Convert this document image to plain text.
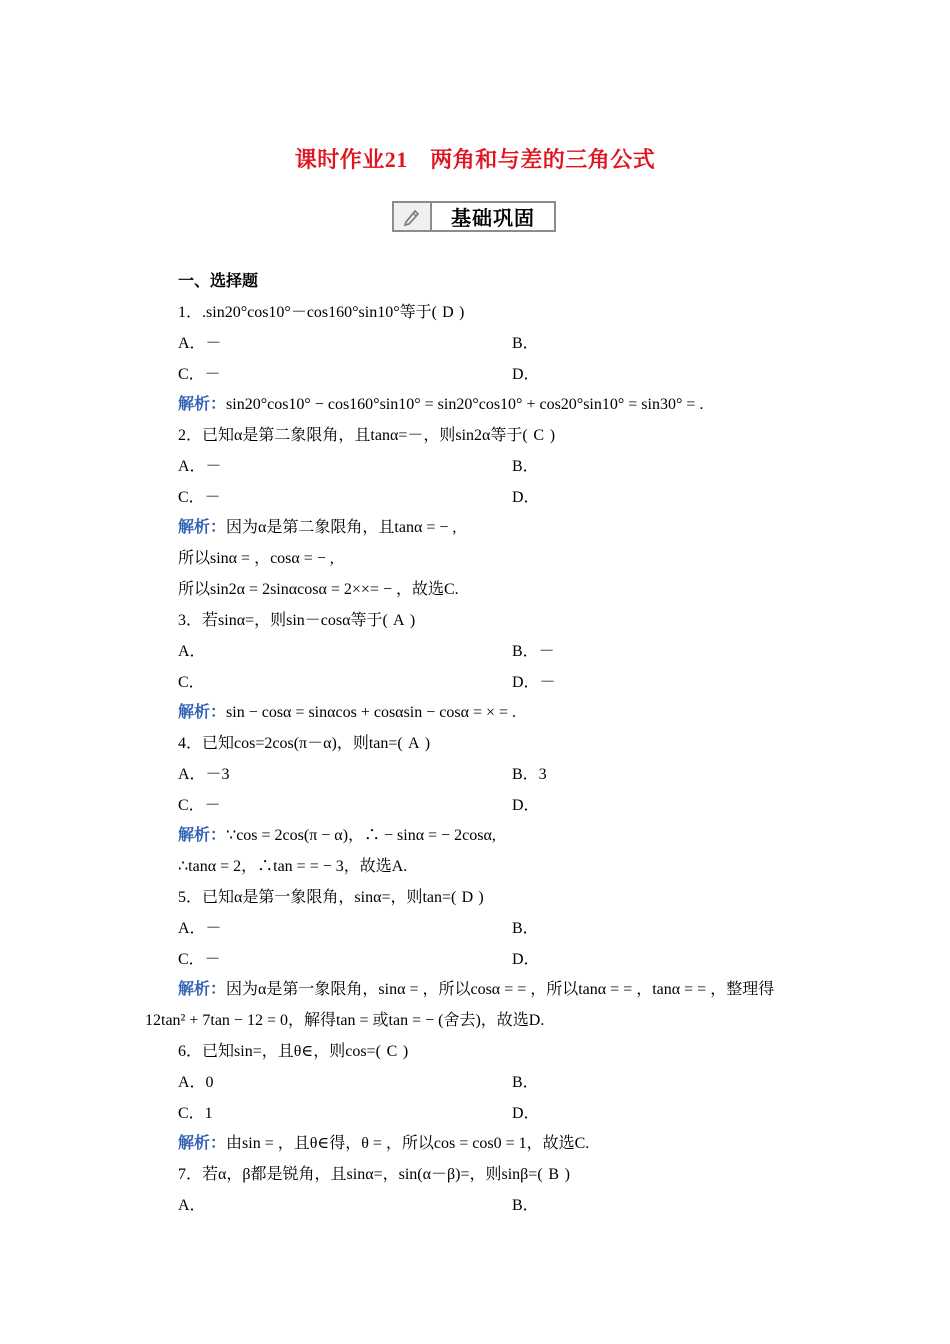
课时作业21　两角和与差的三角公式
基础巩固
一、选择题
1．.sin20°cos10°－cos160°sin10°等于( D )
A．－	B．
C．－	D．
解析：sin20°cos10° − cos160°sin10° = sin20°cos10° + cos20°sin10° = sin30° = .
2．已知α是第二象限角，且tanα=－，则sin2α等于( C )
A．－	B．
C．－	D．
解析：因为α是第二象限角，且tanα = − ,
所以sinα = ，cosα = − ,
所以sin2α = 2sinαcosα = 2××= − ，故选C.
3．若sinα=，则sin－cosα等于( A )
A．	B．－
C．	D．－
解析：sin − cosα = sinαcos + cosαsin − cosα = × = .
4．已知cos=2cos(π－α)，则tan=( A )
A．－3	B．3
C．－	D．
解析：∵cos = 2cos(π − α)，∴ − sinα = − 2cosα,
∴tanα = 2，∴tan = = − 3，故选A.
5．已知α是第一象限角，sinα=，则tan=( D )
A．－	B．
C．－	D．
解析：因为α是第一象限角，sinα = ，所以cosα = = ，所以tanα = = ，tanα = = ，整理得
12tan² + 7tan − 12 = 0，解得tan = 或tan = − (舍去)，故选D.
6．已知sin=，且θ∈，则cos=( C )
A．0	B．
C．1	D．
解析：由sin = ，且θ∈得，θ = ，所以cos = cos0 = 1，故选C.
7．若α，β都是锐角，且sinα=，sin(α－β)=，则sinβ=( B )
A．	B．
